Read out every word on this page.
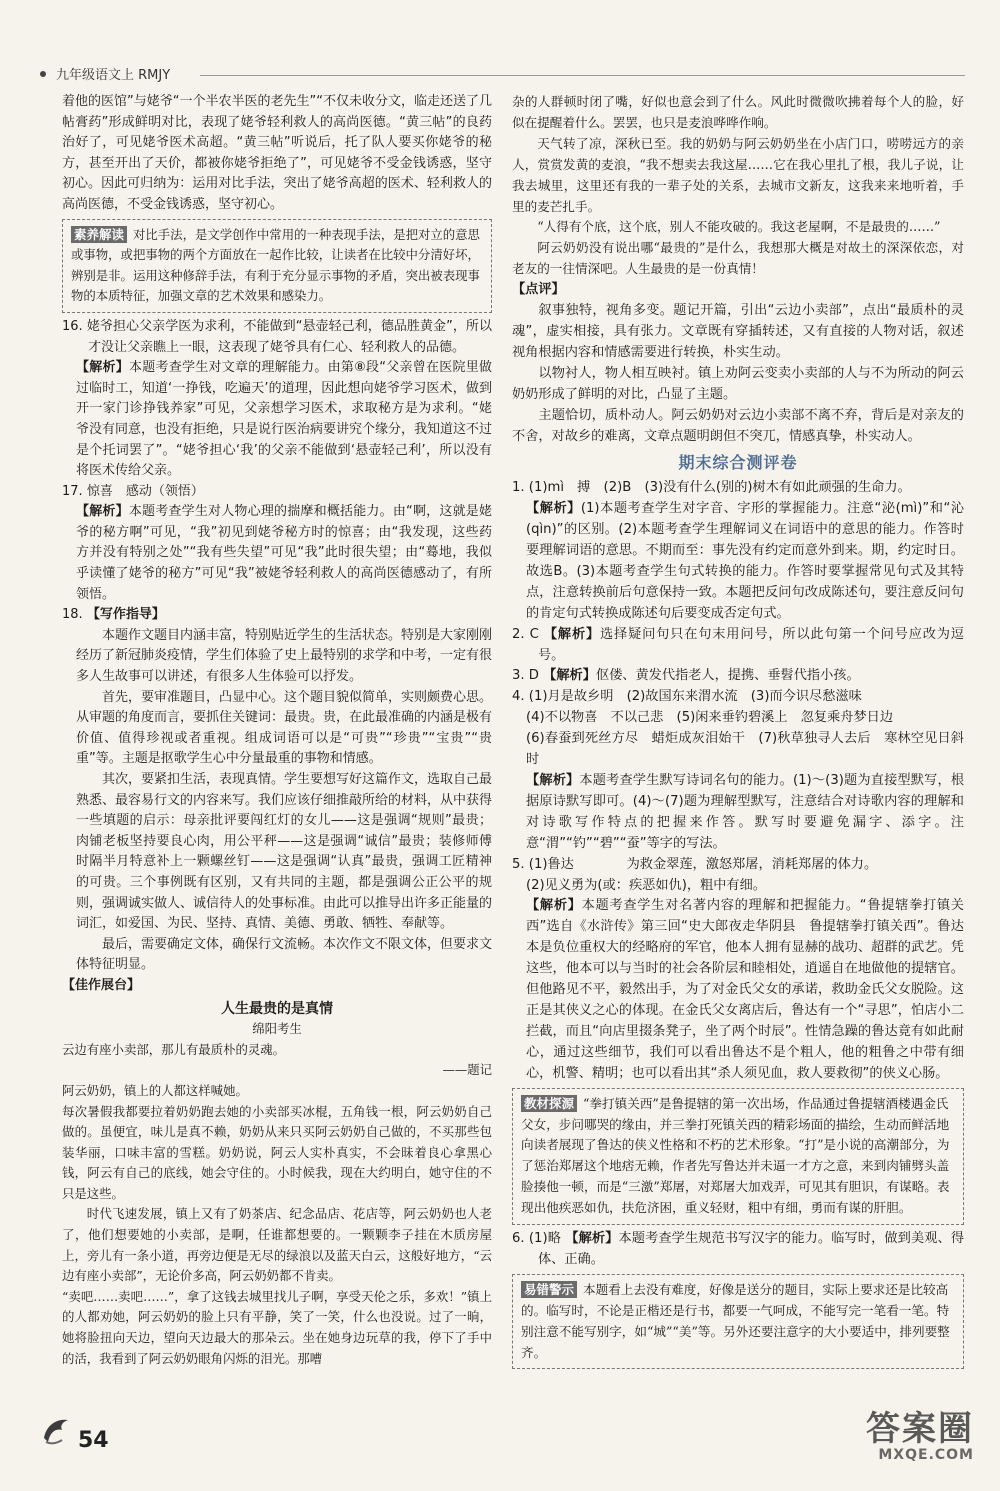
九年级语文上 RMJY

着他的医馆”与姥爷“一个半农半医的老先生”“不仅未收分文，临走还送了几帖膏药”形成鲜明对比，表现了姥爷轻利救人的高尚医德。“黄三帖”的良药治好了，可见姥爷医术高超。“黄三帖”听说后，托了队人要买你姥爷的秘方，甚至开出了天价，都被你姥爷拒绝了”，可见姥爷不受金钱诱惑，坚守初心。因此可归纳为：运用对比手法，突出了姥爷高超的医术、轻利救人的高尚医德，不受金钱诱惑，坚守初心。

素养解读 对比手法，是文学创作中常用的一种表现手法，是把对立的意思或事物，或把事物的两个方面放在一起作比较，让读者在比较中分清好坏，辨别是非。运用这种修辞手法，有利于充分显示事物的矛盾，突出被表现事物的本质特征，加强文章的艺术效果和感染力。

16. 姥爷担心父亲学医为求利，不能做到“悬壶轻己利，德品胜黄金”，所以才没让父亲瞧上一眼，这表现了姥爷具有仁心、轻利救人的品德。

【解析】本题考查学生对文章的理解能力。由第⑧段“父亲曾在医院里做过临时工，知道‘一挣钱，吃遍天’的道理，因此想向姥爷学习医术，做到开一家门诊挣钱养家”可见，父亲想学习医术，求取秘方是为求利。“姥爷没有同意，也没有拒绝，只是说行医治病要讲究个缘分，我知道这不过是个托词罢了”。“姥爷担心‘我’的父亲不能做到‘悬壶轻己利’，所以没有将医术传给父亲。

17. 惊喜　感动（领悟）

【解析】本题考查学生对人物心理的揣摩和概括能力。由“啊，这就是姥爷的秘方啊”可见，“我”初见到姥爷秘方时的惊喜；由“我发现，这些药方并没有特别之处”“我有些失望”可见“我”此时很失望；由“蓦地，我似乎读懂了姥爷的秘方”可见“我”被姥爷轻利救人的高尚医德感动了，有所领悟。

18. 【写作指导】

本题作文题目内涵丰富，特别贴近学生的生活状态。特别是大家刚刚经历了新冠肺炎疫情，学生们体验了史上最特别的求学和中考，一定有很多人生故事可以讲述，有很多人生体验可以抒发。

首先，要审准题目，凸显中心。这个题目貌似简单，实则颇费心思。从审题的角度而言，要抓住关键词：最贵。贵，在此最准确的内涵是极有价值、值得珍视或者重视。组成词语可以是“可贵”“珍贵”“宝贵”“贵重”等。主题是抠歌学生心中分量最重的事物和情感。

其次，要紧扣生活，表现真情。学生要想写好这篇作文，选取自己最熟悉、最容易行文的内容来写。我们应该仔细推敲所给的材料，从中获得一些填题的启示：母亲批评要闯红灯的女儿——这是强调“规则”最贵；肉铺老板坚持要良心肉，用公平秤——这是强调“诚信”最贵；装修师傅时隔半月特意补上一颗螺丝钉——这是强调“认真”最贵，强调工匠精神的可贵。三个事例既有区别，又有共同的主题，都是强调公正公平的规则，强调诚实做人、诚信待人的处事标准。由此可以推导出许多正能量的词汇，如爱国、为民、坚持、真情、美德、勇敢、牺牲、奉献等。

最后，需要确定文体，确保行文流畅。本次作文不限文体，但要求文体特征明显。

【佳作展台】

人生最贵的是真情

绵阳考生

云边有座小卖部，那儿有最质朴的灵魂。

——题记

阿云奶奶，镇上的人都这样喊她。

每次暑假我都要拉着奶奶跑去她的小卖部买冰棍，五角钱一根，阿云奶奶自己做的。虽便宜，味儿是真不赖，奶奶从来只买阿云奶奶自己做的，不买那些包装华丽，口味丰富的雪糕。奶奶说，阿云人实朴真实，不会昧着良心拿黑心钱，阿云有自己的底线，她会守住的。小时候我，现在大约明白，她守住的不只是这些。

时代飞速发展，镇上又有了奶茶店、纪念品店、花店等，阿云奶奶也人老了，他们想要她的小卖部，是啊，任谁都想要的。一颗颗李子挂在木质房屋上，旁儿有一条小道，再旁边便是无尽的绿浪以及蓝天白云，这般好地方，“云边有座小卖部”，无论价多高，阿云奶奶都不肯卖。

“卖吧……卖吧……”，拿了这钱去城里找儿子啊，享受天伦之乐，多欢！”镇上的人都劝她，阿云奶奶的脸上只有平静，笑了一笑，什么也没说。过了一晌，她将脸扭向天边，望向天边最大的那朵云。坐在她身边玩草的我，停下了手中的活，我看到了阿云奶奶眼角闪烁的泪光。那嘈

杂的人群顿时闭了嘴，好似也意会到了什么。风此时微微吹拂着每个人的脸，好似在提醒着什么。罢罢，也只是麦浪哗哗作响。

天气转了凉，深秋已至。我的奶奶与阿云奶奶坐在小店门口，唠唠远方的亲人，赏赏发黄的麦浪，“我不想卖去我这屋……它在我心里扎了根，我儿子说，让我去城里，这里还有我的一辈子处的关系，去城市文新友，这我来来地听着，手里的麦芒扎手。

“人得有个底，这个底，别人不能攻破的。我这老屋啊，不是最贵的……”

阿云奶奶没有说出哪“最贵的”是什么，我想那大概是对故土的深深依恋，对老友的一往情深吧。人生最贵的是一份真情！

【点评】

叙事独特，视角多变。题记开篇，引出“云边小卖部”，点出“最质朴的灵魂”，虚实相接，具有张力。文章既有穿插转述，又有直接的人物对话，叙述视角根据内容和情感需要进行转换，朴实生动。

以物衬人，物人相互映衬。镇上劝阿云变卖小卖部的人与不为所动的阿云奶奶形成了鲜明的对比，凸显了主题。

主题恰切，质朴动人。阿云奶奶对云边小卖部不离不弃，背后是对亲友的不舍，对故乡的难离，文章点题明朗但不突兀，情感真挚，朴实动人。

期末综合测评卷

1. (1)mì　搏　(2)B　(3)没有什么(别的)树木有如此顽强的生命力。

【解析】(1)本题考查学生对字音、字形的掌握能力。注意“泌(mì)”和“沁(qìn)”的区别。(2)本题考查学生理解词义在词语中的意思的能力。作答时要理解词语的意思。不期而至：事先没有约定而意外到来。期，约定时日。故选B。(3)本题考查学生句式转换的能力。作答时要掌握常见句式及其特点，注意转换前后句意保持一致。本题把反问句改成陈述句，要注意反问句的肯定句式转换成陈述句后要变成否定句式。

2. C 【解析】选择疑问句只在句末用问号，所以此句第一个问号应改为逗号。

3. D 【解析】伛偻、黄发代指老人，提携、垂髫代指小孩。

4. (1)月是故乡明　(2)故国东来渭水流　(3)而今识尽愁滋味

(4)不以物喜　不以己悲　(5)闲来垂钓碧溪上　忽复乘舟梦日边

(6)春蚕到死丝方尽　蜡炬成灰泪始干　(7)秋草独寻人去后　寒林空见日斜时

【解析】本题考查学生默写诗词名句的能力。(1)～(3)题为直接型默写，根据原诗默写即可。(4)～(7)题为理解型默写，注意结合对诗歌内容的理解和对诗歌写作特点的把握来作答。默写时要避免漏字、添字。注意“渭”“钓”“碧”“蚕”等字的写法。

5. (1)鲁达　　　　为救金翠莲，激怒郑屠，消耗郑屠的体力。

(2)见义勇为(或：疾恶如仇)，粗中有细。

【解析】本题考查学生对名著内容的理解和把握能力。“鲁提辖拳打镇关西”选自《水浒传》第三回“史大郎夜走华阴县　鲁提辖拳打镇关西”。鲁达本是负位重权大的经略府的军官，他本人拥有显赫的战功、超群的武艺。凭这些，他本可以与当时的社会各阶层和睦相处，逍遥自在地做他的提辖官。但他路见不平，毅然出手，为了对金氏父女的承诺，救助金氏父女脱险。这正是其侠义之心的体现。在金氏父女离店后，鲁达有一个“寻思”，怕店小二拦截，而且“向店里掇条凳子，坐了两个时辰”。性情急躁的鲁达竟有如此耐心，通过这些细节，我们可以看出鲁达不是个粗人，他的粗鲁之中带有细心，机警、精明；也可以看出其“杀人须见血，救人要救彻”的侠义心肠。

教材探源 “拳打镇关西”是鲁提辖的第一次出场，作品通过鲁提辖酒楼遇金氏父女，步问哪哭的缘由，并三拳打死镇关西的精彩场面的描绘，生动而鲜活地向读者展现了鲁达的侠义性格和不朽的艺术形象。“打”是小说的高潮部分，为了惩治郑屠这个地痞无赖，作者先写鲁达并未逼一才方之意，来到肉铺劈头盖脸揍他一顿，而是“三激”郑屠，对郑屠大加戏弄，可见其有胆识，有谋略。表现出他疾恶如仇，扶危济困，重义轻财，粗中有细，勇而有谋的肝胆。

6. (1)略 【解析】本题考查学生规范书写汉字的能力。临写时，做到美观、得体、正确。

易错警示 本题看上去没有难度，好像是送分的题目，实际上要求还是比较高的。临写时，不论是正楷还是行书，都要一气呵成，不能写完一笔看一笔。特别注意不能写别字，如“城”“美”等。另外还要注意字的大小要适中，排列要整齐。
54	答案圈
MXQE.COM
